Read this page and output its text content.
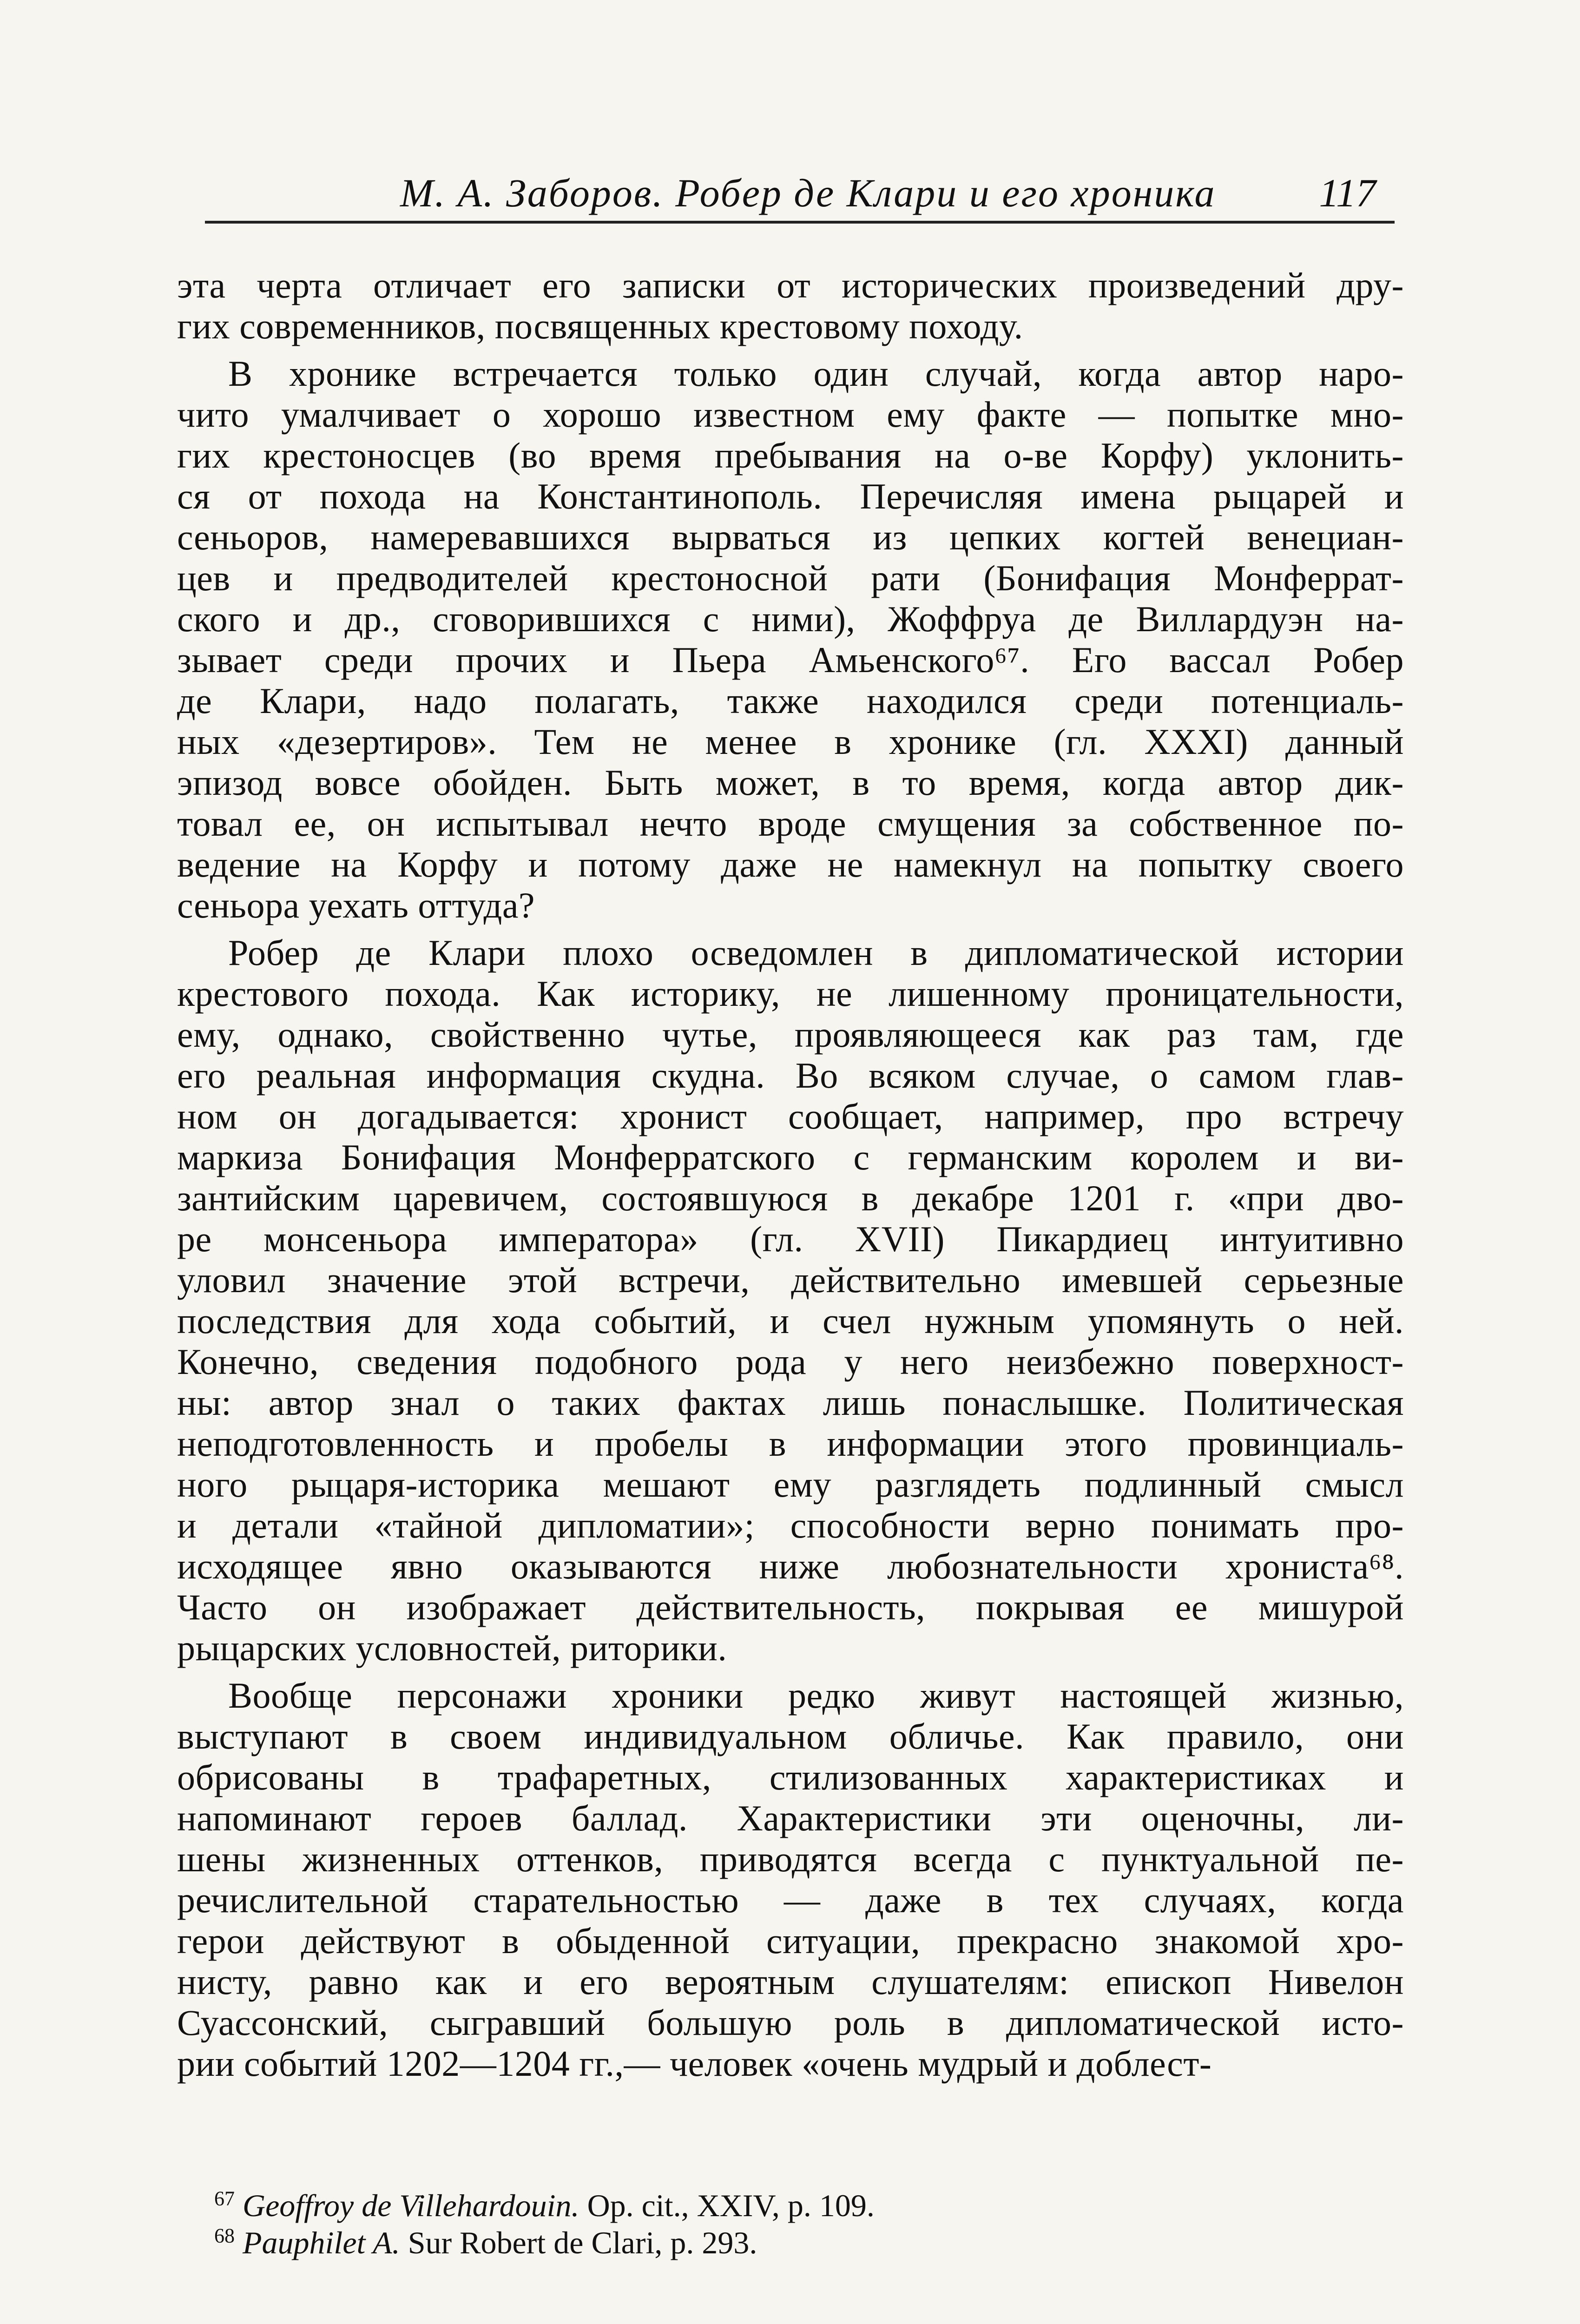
М. А. Заборов. Робер де Клари и его хроника	117
эта черта отличает его записки от исторических произведений дру-
гих современников, посвященных крестовому походу.
В хронике встречается только один случай, когда автор наро-
чито умалчивает о хорошо известном ему факте — попытке мно-
гих крестоносцев (во время пребывания на о-ве Корфу) уклонить-
ся от похода на Константинополь. Перечисляя имена рыцарей и
сеньоров, намеревавшихся вырваться из цепких когтей венециан-
цев и предводителей крестоносной рати (Бонифация Монферрат-
ского и др., сговорившихся с ними), Жоффруа де Виллардуэн на-
зывает среди прочих и Пьера Амьенского⁶⁷. Его вассал Робер
де Клари, надо полагать, также находился среди потенциаль-
ных «дезертиров». Тем не менее в хронике (гл. XXXI) данный
эпизод вовсе обойден. Быть может, в то время, когда автор дик-
товал ее, он испытывал нечто вроде смущения за собственное по-
ведение на Корфу и потому даже не намекнул на попытку своего
сеньора уехать оттуда?
Робер де Клари плохо осведомлен в дипломатической истории
крестового похода. Как историку, не лишенному проницательности,
ему, однако, свойственно чутье, проявляющееся как раз там, где
его реальная информация скудна. Во всяком случае, о самом глав-
ном он догадывается: хронист сообщает, например, про встречу
маркиза Бонифация Монферратского с германским королем и ви-
зантийским царевичем, состоявшуюся в декабре 1201 г. «при дво-
ре монсеньора императора» (гл. XVII) Пикардиец интуитивно
уловил значение этой встречи, действительно имевшей серьезные
последствия для хода событий, и счел нужным упомянуть о ней.
Конечно, сведения подобного рода у него неизбежно поверхност-
ны: автор знал о таких фактах лишь понаслышке. Политическая
неподготовленность и пробелы в информации этого провинциаль-
ного рыцаря-историка мешают ему разглядеть подлинный смысл
и детали «тайной дипломатии»; способности верно понимать про-
исходящее явно оказываются ниже любознательности хрониста⁶⁸.
Часто он изображает действительность, покрывая ее мишурой
рыцарских условностей, риторики.
Вообще персонажи хроники редко живут настоящей жизнью,
выступают в своем индивидуальном обличье. Как правило, они
обрисованы в трафаретных, стилизованных характеристиках и
напоминают героев баллад. Характеристики эти оценочны, ли-
шены жизненных оттенков, приводятся всегда с пунктуальной пе-
речислительной старательностью — даже в тех случаях, когда
герои действуют в обыденной ситуации, прекрасно знакомой хро-
нисту, равно как и его вероятным слушателям: епископ Нивелон
Суассонский, сыгравший большую роль в дипломатической исто-
рии событий 1202—1204 гг.,— человек «очень мудрый и доблест-
$^{67}$ Geoffroy de Villehardouin. Op. cit., XXIV, p. 109.
$^{68}$ Pauphilet A. Sur Robert de Clari, p. 293.
